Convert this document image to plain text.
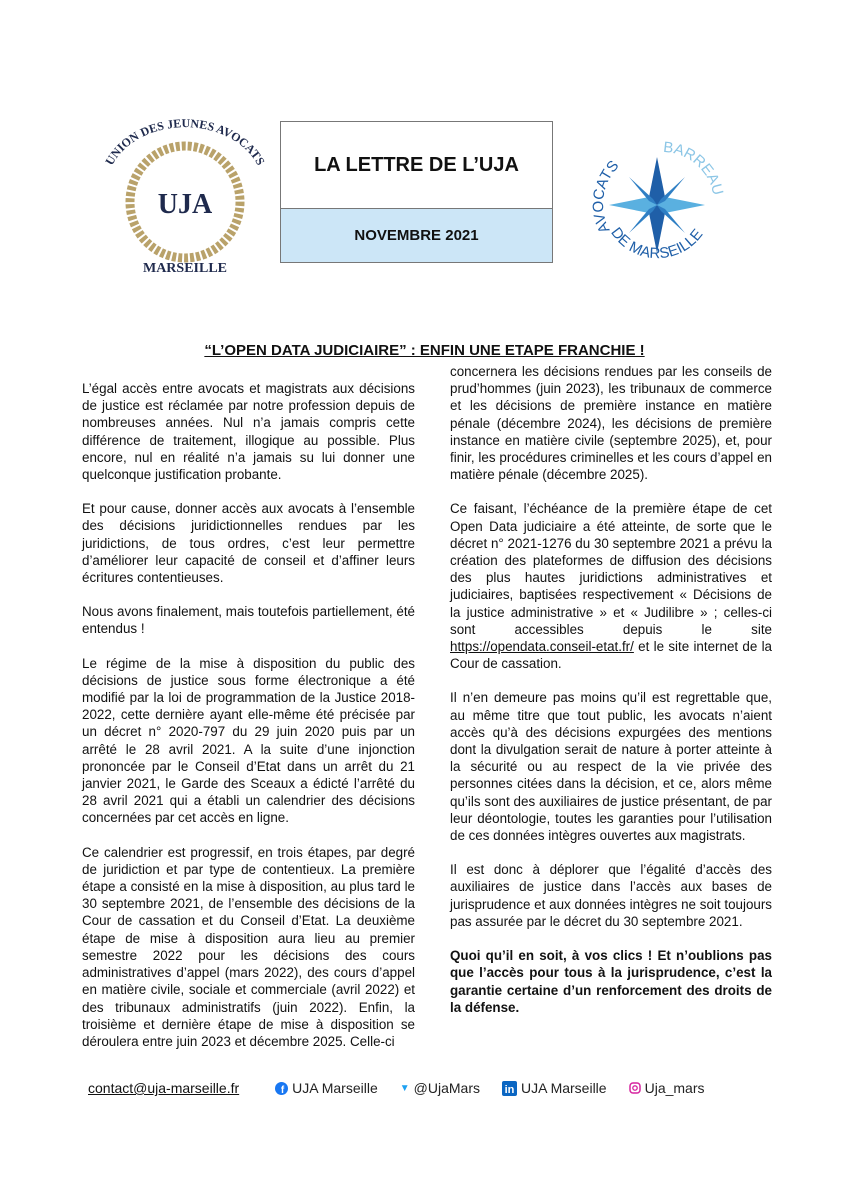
UNION DES JEUNES AVOCATS
UJA
MARSEILLE
LA LETTRE DE L’UJA
NOVEMBRE 2021	AVOCATS
BARREAU
DE MARSEILLE
“L’OPEN DATA JUDICIAIRE” : ENFIN UNE ETAPE FRANCHIE !

L’égal accès entre avocats et magistrats aux décisions de justice est réclamée par notre profession depuis de nombreuses années. Nul n’a jamais compris cette différence de traitement, illogique au possible. Plus encore, nul en réalité n’a jamais su lui donner une quelconque justification probante.

Et pour cause, donner accès aux avocats à l’ensemble des décisions juridictionnelles rendues par les juridictions, de tous ordres, c’est leur permettre d’améliorer leur capacité de conseil et d’affiner leurs écritures contentieuses.

Nous avons finalement, mais toutefois partiellement, été entendus !

Le régime de la mise à disposition du public des décisions de justice sous forme électronique a été modifié par la loi de programmation de la Justice 2018-2022, cette dernière ayant elle-même été précisée par un décret n° 2020-797 du 29 juin 2020 puis par un arrêté le 28 avril 2021. A la suite d’une injonction prononcée par le Conseil d’Etat dans un arrêt du 21 janvier 2021, le Garde des Sceaux a édicté l’arrêté du 28 avril 2021 qui a établi un calendrier des décisions concernées par cet accès en ligne.

Ce calendrier est progressif, en trois étapes, par degré de juridiction et par type de contentieux. La première étape a consisté en la mise à disposition, au plus tard le 30 septembre 2021, de l’ensemble des décisions de la Cour de cassation et du Conseil d’Etat. La deuxième étape de mise à disposition aura lieu au premier semestre 2022 pour les décisions des cours administratives d’appel (mars 2022), des cours d’appel en matière civile, sociale et commerciale (avril 2022) et des tribunaux administratifs (juin 2022). Enfin, la troisième et dernière étape de mise à disposition se déroulera entre juin 2023 et décembre 2025. Celle-ci

concernera les décisions rendues par les conseils de prud’hommes (juin 2023), les tribunaux de commerce et les décisions de première instance en matière pénale (décembre 2024), les décisions de première instance en matière civile (septembre 2025), et, pour finir, les procédures criminelles et les cours d’appel en matière pénale (décembre 2025).

Ce faisant, l’échéance de la première étape de cet Open Data judiciaire a été atteinte, de sorte que le décret n° 2021-1276 du 30 septembre 2021 a prévu la création des plateformes de diffusion des décisions des plus hautes juridictions administratives et judiciaires, baptisées respectivement « Décisions de la justice administrative » et « Judilibre » ; celles-ci sont accessibles depuis le site https://opendata.conseil-etat.fr/ et le site internet de la Cour de cassation.

Il n’en demeure pas moins qu’il est regrettable que, au même titre que tout public, les avocats n’aient accès qu’à des décisions expurgées des mentions dont la divulgation serait de nature à porter atteinte à la sécurité ou au respect de la vie privée des personnes citées dans la décision, et ce, alors même qu’ils sont des auxiliaires de justice présentant, de par leur déontologie, toutes les garanties pour l’utilisation de ces données intègres ouvertes aux magistrats.

Il est donc à déplorer que l’égalité d’accès des auxiliaires de justice dans l’accès aux bases de jurisprudence et aux données intègres ne soit toujours pas assurée par le décret du 30 septembre 2021.

Quoi qu’il en soit, à vos clics ! Et n’oublions pas que l’accès pour tous à la jurisprudence, c’est la garantie certaine d’un renforcement des droits de la défense.

contact@uja-marseille.fr	f UJA Marseille ▼ @UjaMars in UJA Marseille	Uja_mars
